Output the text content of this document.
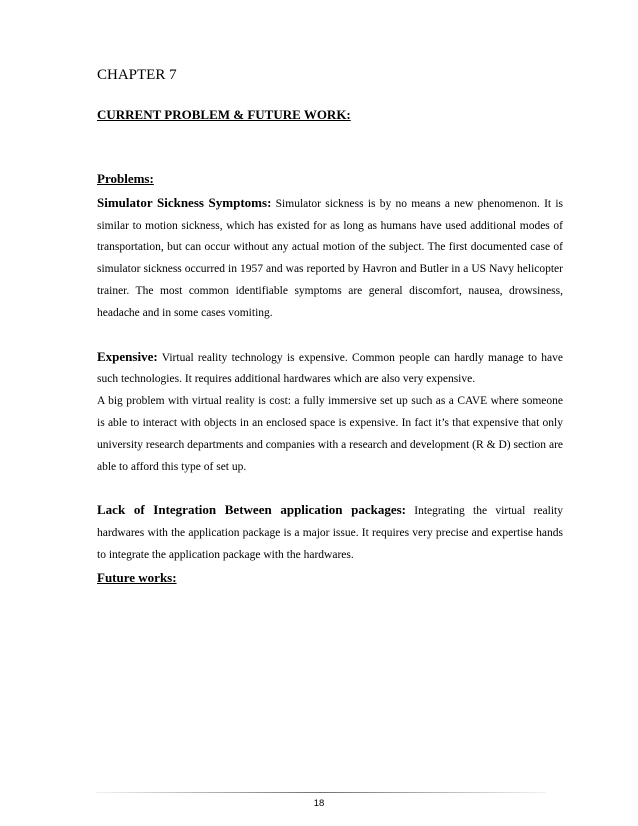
CHAPTER 7
CURRENT PROBLEM & FUTURE WORK:

Problems:

Simulator Sickness Symptoms: Simulator sickness is by no means a new phenomenon. It is similar to motion sickness, which has existed for as long as humans have used additional modes of transportation, but can occur without any actual motion of the subject. The first documented case of simulator sickness occurred in 1957 and was reported by Havron and Butler in a US Navy helicopter trainer. The most common identifiable symptoms are general discomfort, nausea, drowsiness, headache and in some cases vomiting.

Expensive: Virtual reality technology is expensive. Common people can hardly manage to have such technologies. It requires additional hardwares which are also very expensive.

A big problem with virtual reality is cost: a fully immersive set up such as a CAVE where someone is able to interact with objects in an enclosed space is expensive. In fact it’s that expensive that only university research departments and companies with a research and development (R & D) section are able to afford this type of set up.

Lack of Integration Between application packages: Integrating the virtual reality hardwares with the application package is a major issue. It requires very precise and expertise hands to integrate the application package with the hardwares.

Future works:

18
